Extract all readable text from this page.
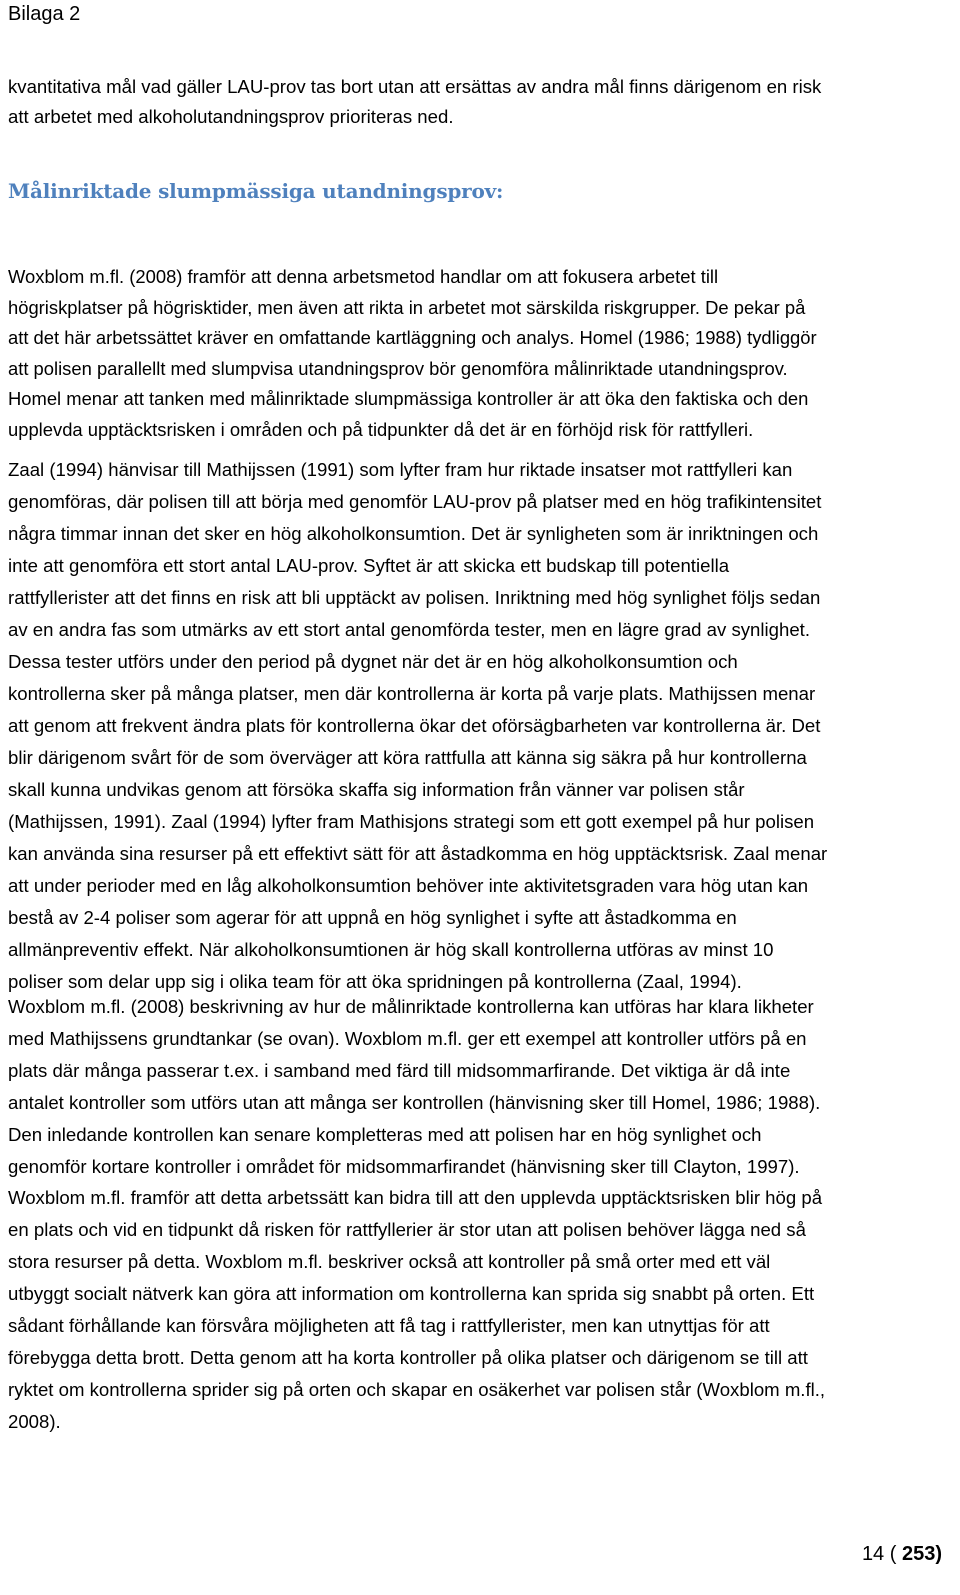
Bilaga 2

kvantitativa mål vad gäller LAU-prov tas bort utan att ersättas av andra mål finns därigenom en risk
att arbetet med alkoholutandningsprov prioriteras ned.

Målinriktade slumpmässiga utandningsprov:

Woxblom m.fl. (2008) framför att denna arbetsmetod handlar om att fokusera arbetet till
högriskplatser på högrisktider, men även att rikta in arbetet mot särskilda riskgrupper. De pekar på
att det här arbetssättet kräver en omfattande kartläggning och analys. Homel (1986; 1988) tydliggör
att polisen parallellt med slumpvisa utandningsprov bör genomföra målinriktade utandningsprov.
Homel menar att tanken med målinriktade slumpmässiga kontroller är att öka den faktiska och den
upplevda upptäcktsrisken i områden och på tidpunkter då det är en förhöjd risk för rattfylleri.

Zaal (1994) hänvisar till Mathijssen (1991) som lyfter fram hur riktade insatser mot rattfylleri kan
genomföras, där polisen till att börja med genomför LAU-prov på platser med en hög trafikintensitet
några timmar innan det sker en hög alkoholkonsumtion. Det är synligheten som är inriktningen och
inte att genomföra ett stort antal LAU-prov. Syftet är att skicka ett budskap till potentiella
rattfyllerister att det finns en risk att bli upptäckt av polisen. Inriktning med hög synlighet följs sedan
av en andra fas som utmärks av ett stort antal genomförda tester, men en lägre grad av synlighet.
Dessa tester utförs under den period på dygnet när det är en hög alkoholkonsumtion och
kontrollerna sker på många platser, men där kontrollerna är korta på varje plats. Mathijssen menar
att genom att frekvent ändra plats för kontrollerna ökar det oförsägbarheten var kontrollerna är. Det
blir därigenom svårt för de som överväger att köra rattfulla att känna sig säkra på hur kontrollerna
skall kunna undvikas genom att försöka skaffa sig information från vänner var polisen står
(Mathijssen, 1991). Zaal (1994) lyfter fram Mathisjons strategi som ett gott exempel på hur polisen
kan använda sina resurser på ett effektivt sätt för att åstadkomma en hög upptäcktsrisk. Zaal menar
att under perioder med en låg alkoholkonsumtion behöver inte aktivitetsgraden vara hög utan kan
bestå av 2-4 poliser som agerar för att uppnå en hög synlighet i syfte att åstadkomma en
allmänpreventiv effekt. När alkoholkonsumtionen är hög skall kontrollerna utföras av minst 10
poliser som delar upp sig i olika team för att öka spridningen på kontrollerna (Zaal, 1994).

Woxblom m.fl. (2008) beskrivning av hur de målinriktade kontrollerna kan utföras har klara likheter
med Mathijssens grundtankar (se ovan). Woxblom m.fl. ger ett exempel att kontroller utförs på en
plats där många passerar t.ex. i samband med färd till midsommarfirande. Det viktiga är då inte
antalet kontroller som utförs utan att många ser kontrollen (hänvisning sker till Homel, 1986; 1988).
Den inledande kontrollen kan senare kompletteras med att polisen har en hög synlighet och
genomför kortare kontroller i området för midsommarfirandet (hänvisning sker till Clayton, 1997).
Woxblom m.fl. framför att detta arbetssätt kan bidra till att den upplevda upptäcktsrisken blir hög på
en plats och vid en tidpunkt då risken för rattfyllerier är stor utan att polisen behöver lägga ned så
stora resurser på detta. Woxblom m.fl. beskriver också att kontroller på små orter med ett väl
utbyggt socialt nätverk kan göra att information om kontrollerna kan sprida sig snabbt på orten. Ett
sådant förhållande kan försvåra möjligheten att få tag i rattfyllerister, men kan utnyttjas för att
förebygga detta brott. Detta genom att ha korta kontroller på olika platser och därigenom se till att
ryktet om kontrollerna sprider sig på orten och skapar en osäkerhet var polisen står (Woxblom m.fl.,
2008).

14 ( 253)
